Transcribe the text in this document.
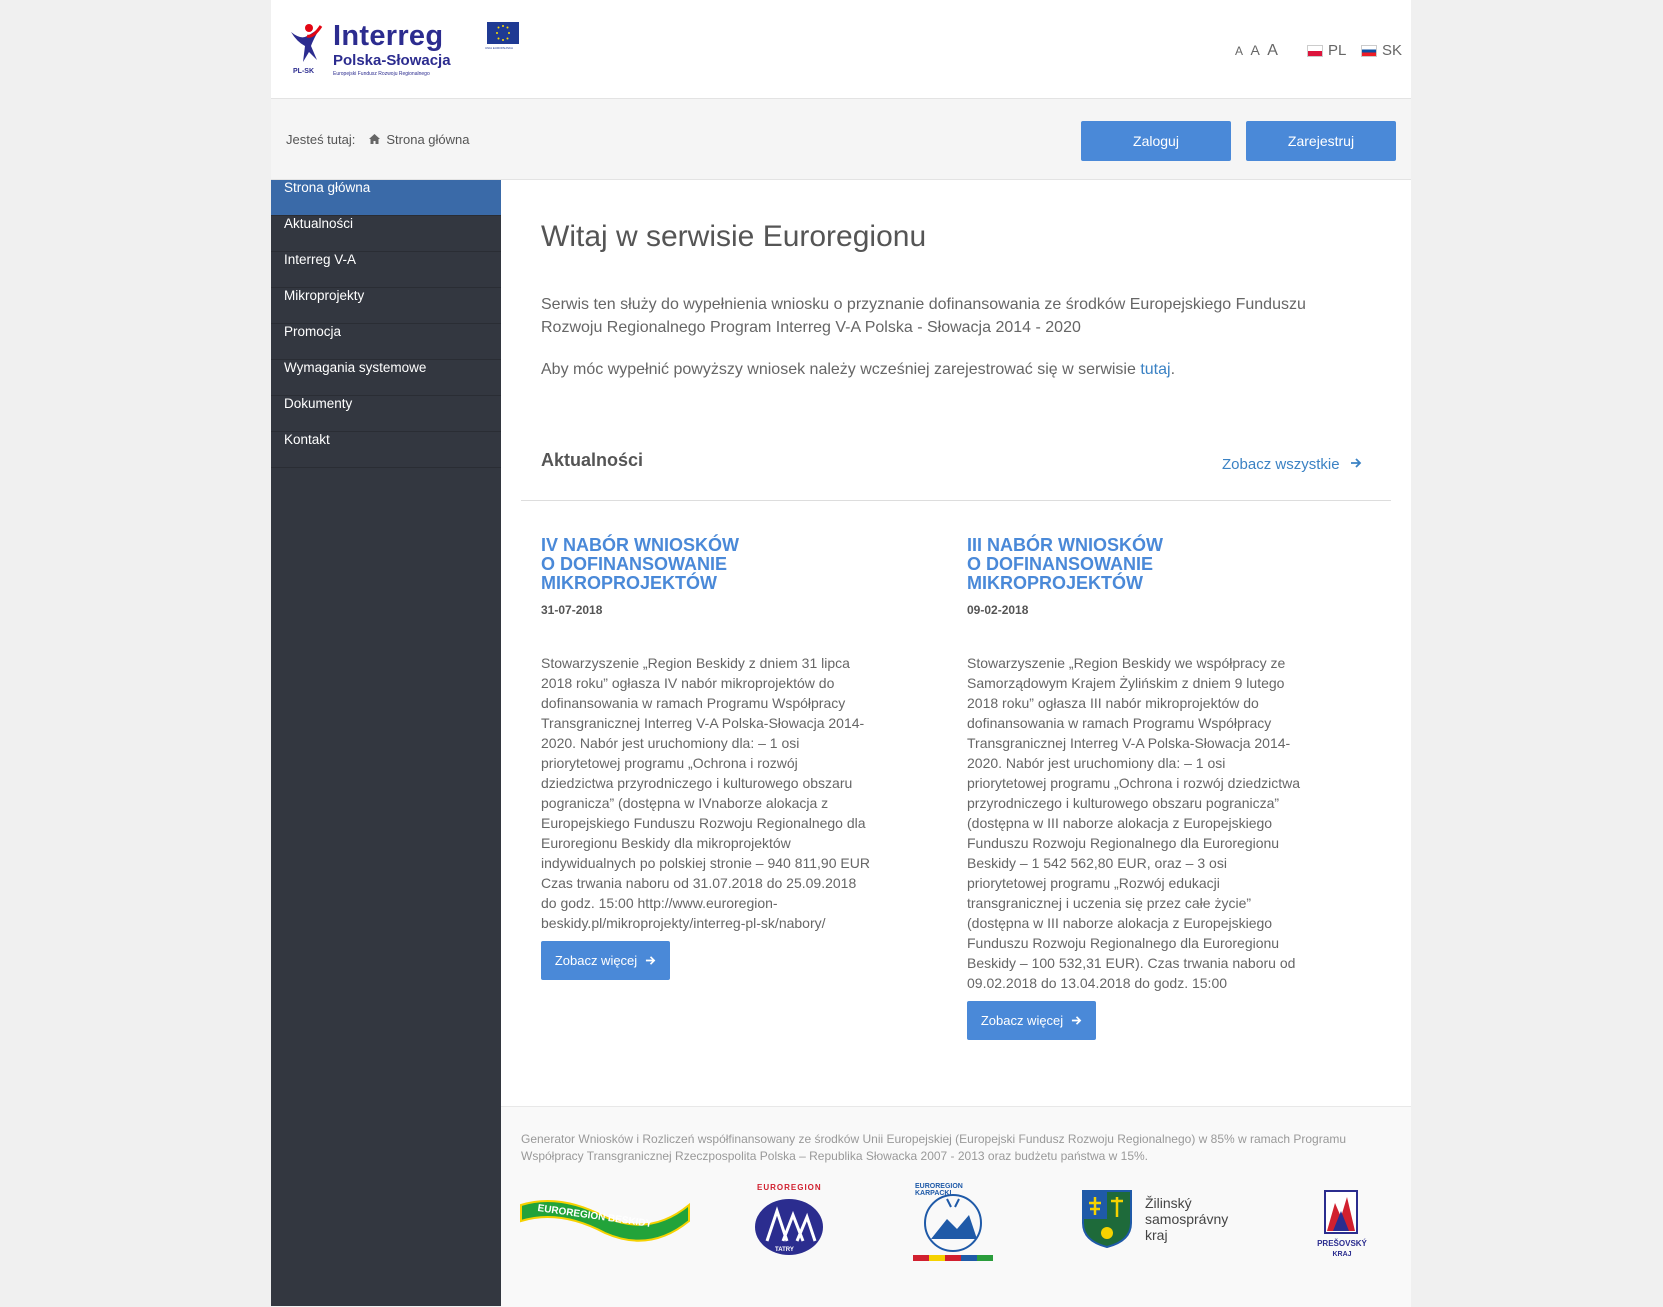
PL-SK
Interreg
Polska-Słowacja
Europejski Fundusz Rozwoju Regionalnego
UNIA EUROPEJSKA	A A A	PL SK
Jesteś tutaj: Strona główna	Zaloguj	Zarejestruj
Strona główna
Aktualności
Interreg V-A
Mikroprojekty
Promocja
Wymagania systemowe
Dokumenty
Kontakt
Witaj w serwisie Euroregionu

Serwis ten służy do wypełnienia wniosku o przyznanie dofinansowania ze środków Europejskiego Funduszu Rozwoju Regionalnego Program Interreg V-A Polska - Słowacja 2014 - 2020

Aby móc wypełnić powyższy wniosek należy wcześniej zarejestrować się w serwisie tutaj.

Aktualności	Zobacz wszystkie
IV NABÓR WNIOSKÓW O DOFINANSOWANIE MIKROPROJEKTÓW
31-07-2018
Stowarzyszenie „Region Beskidy z dniem 31 lipca 2018 roku” ogłasza IV nabór mikroprojektów do dofinansowania w ramach Programu Współpracy Transgranicznej Interreg V-A Polska-Słowacja 2014-2020. Nabór jest uruchomiony dla: – 1 osi priorytetowej programu „Ochrona i rozwój dziedzictwa przyrodniczego i kulturowego obszaru pogranicza” (dostępna w IVnaborze alokacja z Europejskiego Funduszu Rozwoju Regionalnego dla Euroregionu Beskidy dla mikroprojektów indywidualnych po polskiej stronie – 940 811,90 EUR Czas trwania naboru od 31.07.2018 do 25.09.2018 do godz. 15:00 http://www.euroregion-beskidy.pl/mikroprojekty/interreg-pl-sk/nabory/
Zobacz więcej
III NABÓR WNIOSKÓW O DOFINANSOWANIE MIKROPROJEKTÓW
09-02-2018
Stowarzyszenie „Region Beskidy we współpracy ze Samorządowym Krajem Żylińskim z dniem 9 lutego 2018 roku” ogłasza III nabór mikroprojektów do dofinansowania w ramach Programu Współpracy Transgranicznej Interreg V-A Polska-Słowacja 2014-2020. Nabór jest uruchomiony dla: – 1 osi priorytetowej programu „Ochrona i rozwój dziedzictwa przyrodniczego i kulturowego obszaru pogranicza” (dostępna w III naborze alokacja z Europejskiego Funduszu Rozwoju Regionalnego dla Euroregionu Beskidy – 1 542 562,80 EUR, oraz – 3 osi priorytetowej programu „Rozwój edukacji transgranicznej i uczenia się przez całe życie” (dostępna w III naborze alokacja z Europejskiego Funduszu Rozwoju Regionalnego dla Euroregionu Beskidy – 100 532,31 EUR). Czas trwania naboru od 09.02.2018 do 13.04.2018 do godz. 15:00
Zobacz więcej
Generator Wniosków i Rozliczeń współfinansowany ze środków Unii Europejskiej (Europejski Fundusz Rozwoju Regionalnego) w 85% w ramach Programu Współpracy Transgranicznej Rzeczpospolita Polska – Republika Słowacka 2007 - 2013 oraz budżetu państwa w 15%.
EUROREGION BESKIDY
EUROREGION
TATRY
EUROREGION KARPACKI
Žilinský samosprávny kraj
PREŠOVSKÝ
KRAJ
